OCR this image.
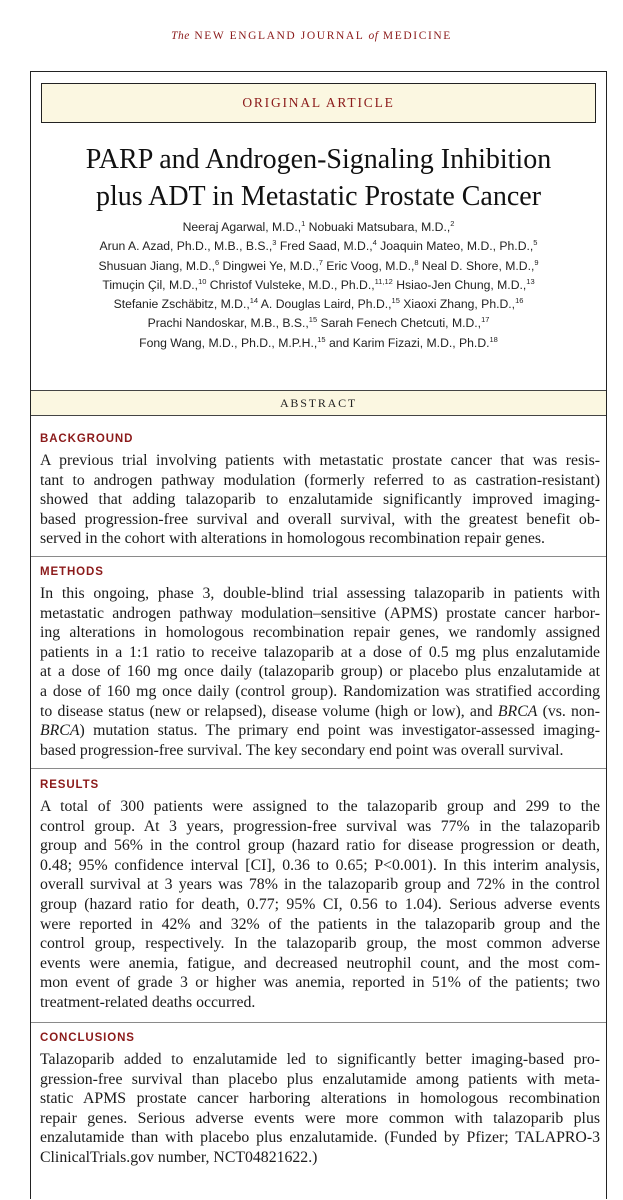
The NEW ENGLAND JOURNAL of MEDICINE
ORIGINAL ARTICLE
PARP and Androgen-Signaling Inhibition
plus ADT in Metastatic Prostate Cancer
Neeraj Agarwal, M.D.,$^1$ Nobuaki Matsubara, M.D.,$^2$
Arun A. Azad, Ph.D., M.B., B.S.,$^3$ Fred Saad, M.D.,$^4$ Joaquin Mateo, M.D., Ph.D.,$^5$
Shusuan Jiang, M.D.,$^6$ Dingwei Ye, M.D.,$^7$ Eric Voog, M.D.,$^8$ Neal D. Shore, M.D.,$^9$
Timuçin Çil, M.D.,$^{10}$ Christof Vulsteke, M.D., Ph.D.,$^{11,12}$ Hsiao-Jen Chung, M.D.,$^{13}$
Stefanie Zschäbitz, M.D.,$^{14}$ A. Douglas Laird, Ph.D.,$^{15}$ Xiaoxi Zhang, Ph.D.,$^{16}$
Prachi Nandoskar, M.B., B.S.,$^{15}$ Sarah Fenech Chetcuti, M.D.,$^{17}$
Fong Wang, M.D., Ph.D., M.P.H.,$^{15}$ and Karim Fizazi, M.D., Ph.D.$^{18}$
ABSTRACT
BACKGROUND
A previous trial involving patients with metastatic prostate cancer that was resis-
tant to androgen pathway modulation (formerly referred to as castration-resistant)
showed that adding talazoparib to enzalutamide significantly improved imaging-
based progression-free survival and overall survival, with the greatest benefit ob-
served in the cohort with alterations in homologous recombination repair genes.
METHODS
In this ongoing, phase 3, double-blind trial assessing talazoparib in patients with
metastatic androgen pathway modulation–sensitive (APMS) prostate cancer harbor-
ing alterations in homologous recombination repair genes, we randomly assigned
patients in a 1:1 ratio to receive talazoparib at a dose of 0.5 mg plus enzalutamide
at a dose of 160 mg once daily (talazoparib group) or placebo plus enzalutamide at
a dose of 160 mg once daily (control group). Randomization was stratified according
to disease status (new or relapsed), disease volume (high or low), and BRCA (vs. non-
BRCA) mutation status. The primary end point was investigator-assessed imaging-
based progression-free survival. The key secondary end point was overall survival.
RESULTS
A total of 300 patients were assigned to the talazoparib group and 299 to the
control group. At 3 years, progression-free survival was 77% in the talazoparib
group and 56% in the control group (hazard ratio for disease progression or death,
0.48; 95% confidence interval [CI], 0.36 to 0.65; P<0.001). In this interim analysis,
overall survival at 3 years was 78% in the talazoparib group and 72% in the control
group (hazard ratio for death, 0.77; 95% CI, 0.56 to 1.04). Serious adverse events
were reported in 42% and 32% of the patients in the talazoparib group and the
control group, respectively. In the talazoparib group, the most common adverse
events were anemia, fatigue, and decreased neutrophil count, and the most com-
mon event of grade 3 or higher was anemia, reported in 51% of the patients; two
treatment-related deaths occurred.
CONCLUSIONS
Talazoparib added to enzalutamide led to significantly better imaging-based pro-
gression-free survival than placebo plus enzalutamide among patients with meta-
static APMS prostate cancer harboring alterations in homologous recombination
repair genes. Serious adverse events were more common with talazoparib plus
enzalutamide than with placebo plus enzalutamide. (Funded by Pfizer; TALAPRO-3
ClinicalTrials.gov number, NCT04821622.)
